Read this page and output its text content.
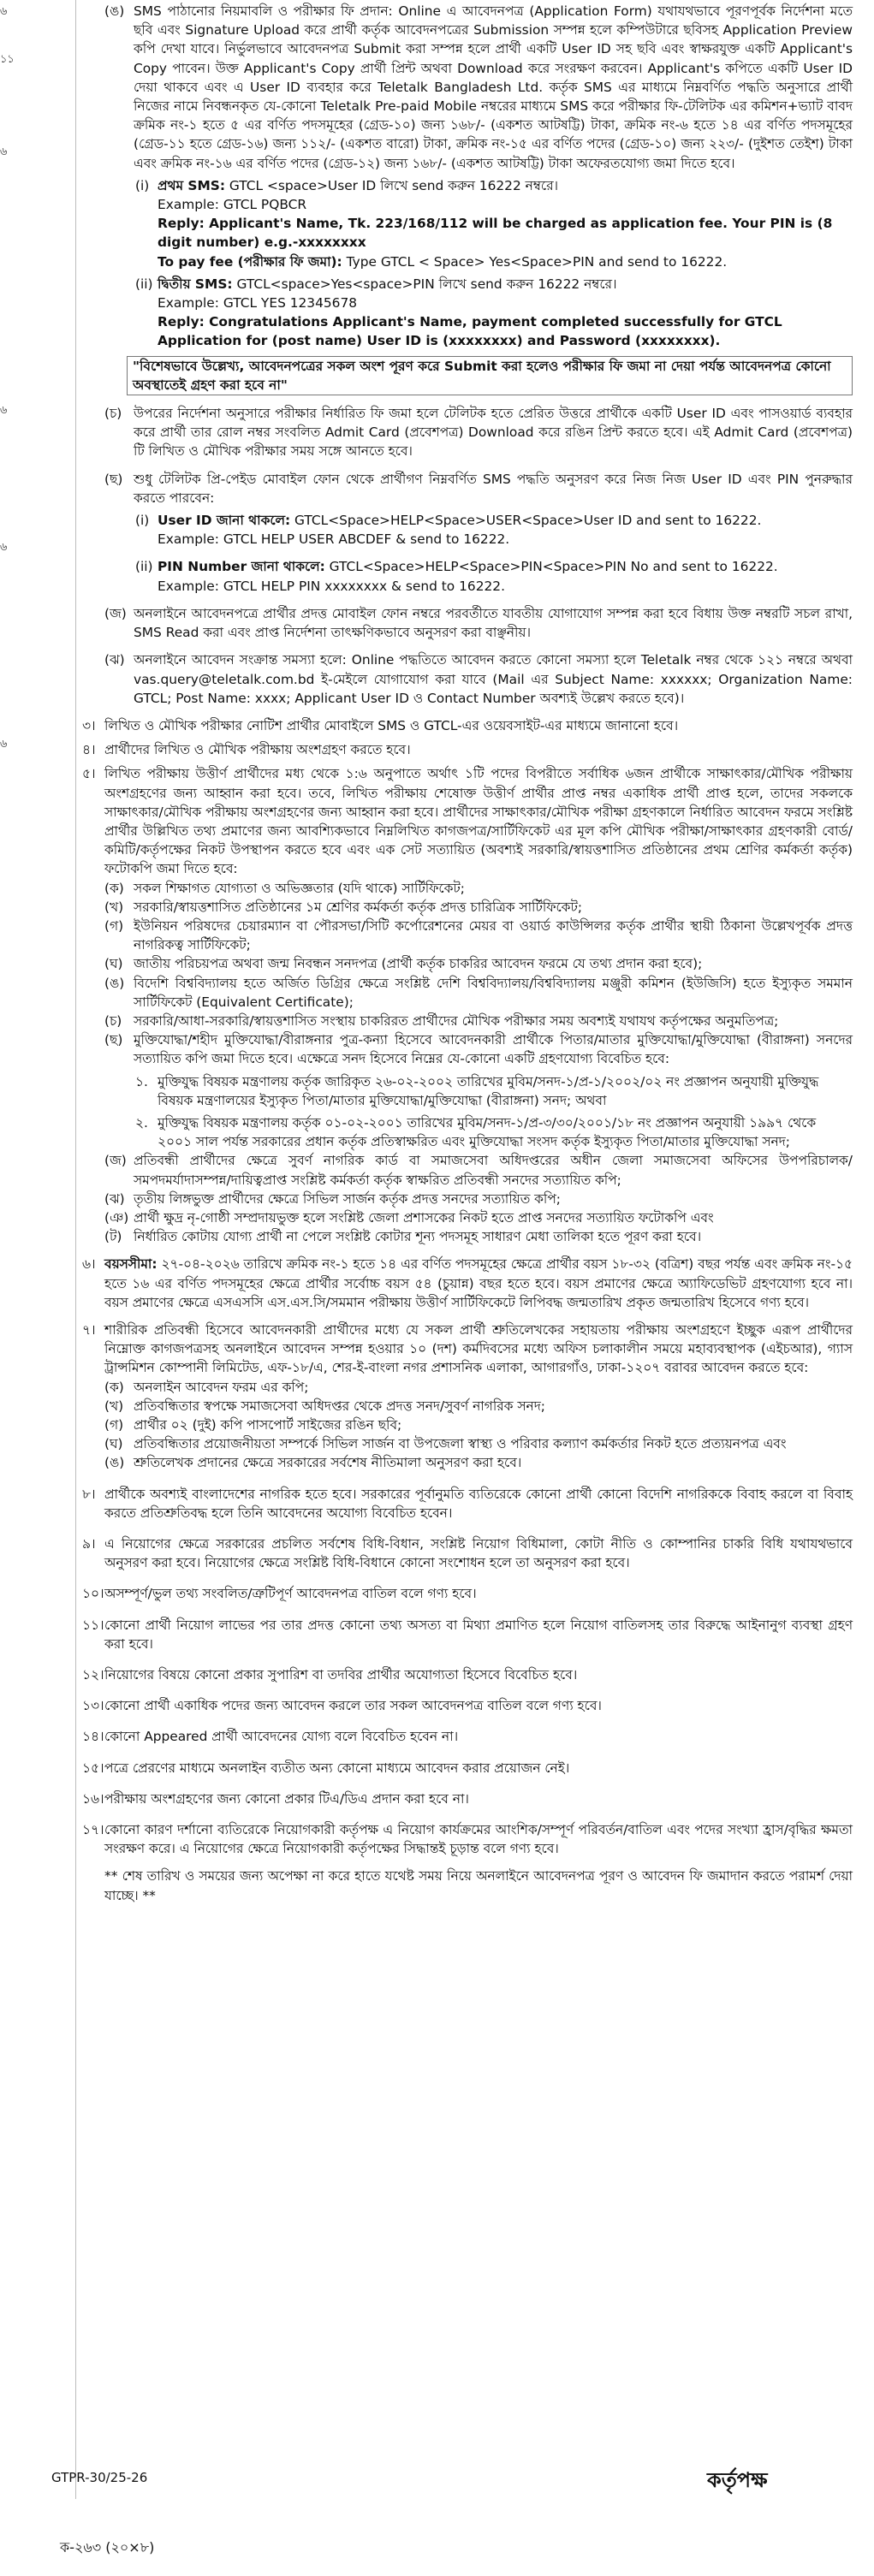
৬
১১
৬
৬
৬
৬
(ঙ) SMS পাঠানোর নিয়মাবলি ও পরীক্ষার ফি প্রদান: Online এ আবেদনপত্র (Application Form) যথাযথভাবে পূরণপূর্বক নির্দেশনা মতে ছবি এবং Signature Upload করে প্রার্থী কর্তৃক আবেদনপত্রের Submission সম্পন্ন হলে কম্পিউটারে ছবিসহ Application Preview কপি দেখা যাবে। নির্ভুলভাবে আবেদনপত্র Submit করা সম্পন্ন হলে প্রার্থী একটি User ID সহ ছবি এবং স্বাক্ষরযুক্ত একটি Applicant's Copy পাবেন। উক্ত Applicant's Copy প্রার্থী প্রিন্ট অথবা Download করে সংরক্ষণ করবেন। Applicant's কপিতে একটি User ID দেয়া থাকবে এবং এ User ID ব্যবহার করে Teletalk Bangladesh Ltd. কর্তৃক SMS এর মাধ্যমে নিম্নবর্ণিত পদ্ধতি অনুসারে প্রার্থী নিজের নামে নিবন্ধনকৃত যে-কোনো Teletalk Pre-paid Mobile নম্বরের মাধ্যমে SMS করে পরীক্ষার ফি-টেলিটক এর কমিশন+ভ্যাট বাবদ ক্রমিক নং-১ হতে ৫ এর বর্ণিত পদসমূহের (গ্রেড-১০) জন্য ১৬৮/- (একশত আটষট্টি) টাকা, ক্রমিক নং-৬ হতে ১৪ এর বর্ণিত পদসমূহের (গ্রেড-১১ হতে গ্রেড-১৬) জন্য ১১২/- (একশত বারো) টাকা, ক্রমিক নং-১৫ এর বর্ণিত পদের (গ্রেড-১০) জন্য ২২৩/- (দুইশত তেইশ) টাকা এবং ক্রমিক নং-১৬ এর বর্ণিত পদের (গ্রেড-১২) জন্য ১৬৮/- (একশত আটষট্টি) টাকা অফেরতযোগ্য জমা দিতে হবে।
(i) প্রথম SMS: GTCL <space>User ID লিখে send করুন 16222 নম্বরে।
Example: GTCL PQBCR
Reply: Applicant's Name, Tk. 223/168/112 will be charged as application fee. Your PIN is (8 digit number) e.g.-xxxxxxxx
To pay fee (পরীক্ষার ফি জমা): Type GTCL < Space> Yes<Space>PIN and send to 16222.
(ii) দ্বিতীয় SMS: GTCL<space>Yes<space>PIN লিখে send করুন 16222 নম্বরে।
Example: GTCL YES 12345678
Reply: Congratulations Applicant's Name, payment completed successfully for GTCL Application for (post name) User ID is (xxxxxxxx) and Password (xxxxxxxx).
"বিশেষভাবে উল্লেখ্য, আবেদনপত্রের সকল অংশ পূরণ করে Submit করা হলেও পরীক্ষার ফি জমা না দেয়া পর্যন্ত আবেদনপত্র কোনো অবস্থাতেই গ্রহণ করা হবে না"
(চ) উপরের নির্দেশনা অনুসারে পরীক্ষার নির্ধারিত ফি জমা হলে টেলিটক হতে প্রেরিত উত্তরে প্রার্থীকে একটি User ID এবং পাসওয়ার্ড ব্যবহার করে প্রার্থী তার রোল নম্বর সংবলিত Admit Card (প্রবেশপত্র) Download করে রঙিন প্রিন্ট করতে হবে। এই Admit Card (প্রবেশপত্র) টি লিখিত ও মৌখিক পরীক্ষার সময় সঙ্গে আনতে হবে।
(ছ) শুধু টেলিটক প্রি-পেইড মোবাইল ফোন থেকে প্রার্থীগণ নিম্নবর্ণিত SMS পদ্ধতি অনুসরণ করে নিজ নিজ User ID এবং PIN পুনরুদ্ধার করতে পারবেন:
(i) User ID জানা থাকলে: GTCL<Space>HELP<Space>USER<Space>User ID and sent to 16222.
Example: GTCL HELP USER ABCDEF & send to 16222.
(ii) PIN Number জানা থাকলে: GTCL<Space>HELP<Space>PIN<Space>PIN No and sent to 16222.
Example: GTCL HELP PIN xxxxxxxx & send to 16222.
(জ) অনলাইনে আবেদনপত্রে প্রার্থীর প্রদত্ত মোবাইল ফোন নম্বরে পরবর্তীতে যাবতীয় যোগাযোগ সম্পন্ন করা হবে বিধায় উক্ত নম্বরটি সচল রাখা, SMS Read করা এবং প্রাপ্ত নির্দেশনা তাৎক্ষণিকভাবে অনুসরণ করা বাঞ্ছনীয়।
(ঝ) অনলাইনে আবেদন সংক্রান্ত সমস্যা হলে: Online পদ্ধতিতে আবেদন করতে কোনো সমস্যা হলে Teletalk নম্বর থেকে ১২১ নম্বরে অথবা vas.query@teletalk.com.bd ই-মেইলে যোগাযোগ করা যাবে (Mail এর Subject Name: xxxxxx; Organization Name: GTCL; Post Name: xxxx; Applicant User ID ও Contact Number অবশ্যই উল্লেখ করতে হবে)।
৩। লিখিত ও মৌখিক পরীক্ষার নোটিশ প্রার্থীর মোবাইলে SMS ও GTCL-এর ওয়েবসাইট-এর মাধ্যমে জানানো হবে।
৪। প্রার্থীদের লিখিত ও মৌখিক পরীক্ষায় অংশগ্রহণ করতে হবে।
৫। লিখিত পরীক্ষায় উত্তীর্ণ প্রার্থীদের মধ্য থেকে ১:৬ অনুপাতে অর্থাৎ ১টি পদের বিপরীতে সর্বাধিক ৬জন প্রার্থীকে সাক্ষাৎকার/মৌখিক পরীক্ষায় অংশগ্রহণের জন্য আহ্বান করা হবে। তবে, লিখিত পরীক্ষায় শেষোক্ত উত্তীর্ণ প্রার্থীর প্রাপ্ত নম্বর একাধিক প্রার্থী প্রাপ্ত হলে, তাদের সকলকে সাক্ষাৎকার/মৌখিক পরীক্ষায় অংশগ্রহণের জন্য আহ্বান করা হবে। প্রার্থীদের সাক্ষাৎকার/মৌখিক পরীক্ষা গ্রহণকালে নির্ধারিত আবেদন ফরমে সংশ্লিষ্ট প্রার্থীর উল্লিখিত তথ্য প্রমাণের জন্য আবশ্যিকভাবে নিম্নলিখিত কাগজপত্র/সার্টিফিকেট এর মূল কপি মৌখিক পরীক্ষা/সাক্ষাৎকার গ্রহণকারী বোর্ড/কমিটি/কর্তৃপক্ষের নিকট উপস্থাপন করতে হবে এবং এক সেট সত্যায়িত (অবশ্যই সরকারি/স্বায়ত্তশাসিত প্রতিষ্ঠানের প্রথম শ্রেণির কর্মকর্তা কর্তৃক) ফটোকপি জমা দিতে হবে:
(ক) সকল শিক্ষাগত যোগ্যতা ও অভিজ্ঞতার (যদি থাকে) সার্টিফিকেট;
(খ) সরকারি/স্বায়ত্তশাসিত প্রতিষ্ঠানের ১ম শ্রেণির কর্মকর্তা কর্তৃক প্রদত্ত চারিত্রিক সার্টিফিকেট;
(গ) ইউনিয়ন পরিষদের চেয়ারম্যান বা পৌরসভা/সিটি কর্পোরেশনের মেয়র বা ওয়ার্ড কাউন্সিলর কর্তৃক প্রার্থীর স্থায়ী ঠিকানা উল্লেখপূর্বক প্রদত্ত নাগরিকত্ব সার্টিফিকেট;
(ঘ) জাতীয় পরিচয়পত্র অথবা জন্ম নিবন্ধন সনদপত্র (প্রার্থী কর্তৃক চাকরির আবেদন ফরমে যে তথ্য প্রদান করা হবে);
(ঙ) বিদেশি বিশ্ববিদ্যালয় হতে অর্জিত ডিগ্রির ক্ষেত্রে সংশ্লিষ্ট দেশি বিশ্ববিদ্যালয়/বিশ্ববিদ্যালয় মঞ্জুরী কমিশন (ইউজিসি) হতে ইস্যুকৃত সমমান সার্টিফিকেট (Equivalent Certificate);
(চ) সরকারি/আধা-সরকারি/স্বায়ত্তশাসিত সংস্থায় চাকরিরত প্রার্থীদের মৌখিক পরীক্ষার সময় অবশ্যই যথাযথ কর্তৃপক্ষের অনুমতিপত্র;
(ছ) মুক্তিযোদ্ধা/শহীদ মুক্তিযোদ্ধা/বীরাঙ্গনার পুত্র-কন্যা হিসেবে আবেদনকারী প্রার্থীকে পিতার/মাতার মুক্তিযোদ্ধা/মুক্তিযোদ্ধা (বীরাঙ্গনা) সনদের সত্যায়িত কপি জমা দিতে হবে। এক্ষেত্রে সনদ হিসেবে নিম্নের যে-কোনো একটি গ্রহণযোগ্য বিবেচিত হবে:
১. মুক্তিযুদ্ধ বিষয়ক মন্ত্রণালয় কর্তৃক জারিকৃত ২৬-০২-২০০২ তারিখের মুবিম/সনদ-১/প্র-১/২০০২/০২ নং প্রজ্ঞাপন অনুযায়ী মুক্তিযুদ্ধ বিষয়ক মন্ত্রণালয়ের ইস্যুকৃত পিতা/মাতার মুক্তিযোদ্ধা/মুক্তিযোদ্ধা (বীরাঙ্গনা) সনদ; অথবা
২. মুক্তিযুদ্ধ বিষয়ক মন্ত্রণালয় কর্তৃক ০১-০২-২০০১ তারিখের মুবিম/সনদ-১/প্র-৩/৩০/২০০১/১৮ নং প্রজ্ঞাপন অনুযায়ী ১৯৯৭ থেকে ২০০১ সাল পর্যন্ত সরকারের প্রধান কর্তৃক প্রতিস্বাক্ষরিত এবং মুক্তিযোদ্ধা সংসদ কর্তৃক ইস্যুকৃত পিতা/মাতার মুক্তিযোদ্ধা সনদ;
(জ) প্রতিবন্ধী প্রার্থীদের ক্ষেত্রে সুবর্ণ নাগরিক কার্ড বা সমাজসেবা অধিদপ্তরের অধীন জেলা সমাজসেবা অফিসের উপপরিচালক/সমপদমর্যাদাসম্পন্ন/দায়িত্বপ্রাপ্ত সংশ্লিষ্ট কর্মকর্তা কর্তৃক স্বাক্ষরিত প্রতিবন্ধী সনদের সত্যায়িত কপি;
(ঝ) তৃতীয় লিঙ্গভুক্ত প্রার্থীদের ক্ষেত্রে সিভিল সার্জন কর্তৃক প্রদত্ত সনদের সত্যায়িত কপি;
(ঞ) প্রার্থী ক্ষুদ্র নৃ-গোষ্ঠী সম্প্রদায়ভুক্ত হলে সংশ্লিষ্ট জেলা প্রশাসকের নিকট হতে প্রাপ্ত সনদের সত্যায়িত ফটোকপি এবং
(ট) নির্ধারিত কোটায় যোগ্য প্রার্থী না পেলে সংশ্লিষ্ট কোটার শূন্য পদসমূহ সাধারণ মেধা তালিকা হতে পূরণ করা হবে।
৬। বয়সসীমা: ২৭-০৪-২০২৬ তারিখে ক্রমিক নং-১ হতে ১৪ এর বর্ণিত পদসমূহের ক্ষেত্রে প্রার্থীর বয়স ১৮-৩২ (বত্রিশ) বছর পর্যন্ত এবং ক্রমিক নং-১৫ হতে ১৬ এর বর্ণিত পদসমূহের ক্ষেত্রে প্রার্থীর সর্বোচ্চ বয়স ৫৪ (চুয়ান্ন) বছর হতে হবে। বয়স প্রমাণের ক্ষেত্রে অ্যাফিডেভিট গ্রহণযোগ্য হবে না। বয়স প্রমাণের ক্ষেত্রে এসএসসি এস.এস.সি/সমমান পরীক্ষায় উত্তীর্ণ সার্টিফিকেটে লিপিবদ্ধ জন্মতারিখ প্রকৃত জন্মতারিখ হিসেবে গণ্য হবে।
৭। শারীরিক প্রতিবন্ধী হিসেবে আবেদনকারী প্রার্থীদের মধ্যে যে সকল প্রার্থী শ্রুতিলেখকের সহায়তায় পরীক্ষায় অংশগ্রহণে ইচ্ছুক এরূপ প্রার্থীদের নিম্নোক্ত কাগজপত্রসহ অনলাইনে আবেদন সম্পন্ন হওয়ার ১০ (দশ) কর্মদিবসের মধ্যে অফিস চলাকালীন সময়ে মহাব্যবস্থাপক (এইচআর), গ্যাস ট্রান্সমিশন কোম্পানী লিমিটেড, এফ-১৮/এ, শের-ই-বাংলা নগর প্রশাসনিক এলাকা, আগারগাঁও, ঢাকা-১২০৭ বরাবর আবেদন করতে হবে:
(ক) অনলাইন আবেদন ফরম এর কপি;
(খ) প্রতিবন্ধিতার স্বপক্ষে সমাজসেবা অধিদপ্তর থেকে প্রদত্ত সনদ/সুবর্ণ নাগরিক সনদ;
(গ) প্রার্থীর ০২ (দুই) কপি পাসপোর্ট সাইজের রঙিন ছবি;
(ঘ) প্রতিবন্ধিতার প্রয়োজনীয়তা সম্পর্কে সিভিল সার্জন বা উপজেলা স্বাস্থ্য ও পরিবার কল্যাণ কর্মকর্তার নিকট হতে প্রত্যয়নপত্র এবং
(ঙ) শ্রুতিলেখক প্রদানের ক্ষেত্রে সরকারের সর্বশেষ নীতিমালা অনুসরণ করা হবে।
৮। প্রার্থীকে অবশ্যই বাংলাদেশের নাগরিক হতে হবে। সরকারের পূর্বানুমতি ব্যতিরেকে কোনো প্রার্থী কোনো বিদেশি নাগরিককে বিবাহ করলে বা বিবাহ করতে প্রতিশ্রুতিবদ্ধ হলে তিনি আবেদনের অযোগ্য বিবেচিত হবেন।
৯। এ নিয়োগের ক্ষেত্রে সরকারের প্রচলিত সর্বশেষ বিধি-বিধান, সংশ্লিষ্ট নিয়োগ বিধিমালা, কোটা নীতি ও কোম্পানির চাকরি বিধি যথাযথভাবে অনুসরণ করা হবে। নিয়োগের ক্ষেত্রে সংশ্লিষ্ট বিধি-বিধানে কোনো সংশোধন হলে তা অনুসরণ করা হবে।
১০। অসম্পূর্ণ/ভুল তথ্য সংবলিত/ত্রুটিপূর্ণ আবেদনপত্র বাতিল বলে গণ্য হবে।
১১। কোনো প্রার্থী নিয়োগ লাভের পর তার প্রদত্ত কোনো তথ্য অসত্য বা মিথ্যা প্রমাণিত হলে নিয়োগ বাতিলসহ তার বিরুদ্ধে আইনানুগ ব্যবস্থা গ্রহণ করা হবে।
১২। নিয়োগের বিষয়ে কোনো প্রকার সুপারিশ বা তদবির প্রার্থীর অযোগ্যতা হিসেবে বিবেচিত হবে।
১৩। কোনো প্রার্থী একাধিক পদের জন্য আবেদন করলে তার সকল আবেদনপত্র বাতিল বলে গণ্য হবে।
১৪। কোনো Appeared প্রার্থী আবেদনের যোগ্য বলে বিবেচিত হবেন না।
১৫। পত্রে প্রেরণের মাধ্যমে অনলাইন ব্যতীত অন্য কোনো মাধ্যমে আবেদন করার প্রয়োজন নেই।
১৬। পরীক্ষায় অংশগ্রহণের জন্য কোনো প্রকার টিএ/ডিএ প্রদান করা হবে না।
১৭। কোনো কারণ দর্শানো ব্যতিরেকে নিয়োগকারী কর্তৃপক্ষ এ নিয়োগ কার্যক্রমের আংশিক/সম্পূর্ণ পরিবর্তন/বাতিল এবং পদের সংখ্যা হ্রাস/বৃদ্ধির ক্ষমতা সংরক্ষণ করে। এ নিয়োগের ক্ষেত্রে নিয়োগকারী কর্তৃপক্ষের সিদ্ধান্তই চূড়ান্ত বলে গণ্য হবে।
** শেষ তারিখ ও সময়ের জন্য অপেক্ষা না করে হাতে যথেষ্ট সময় নিয়ে অনলাইনে আবেদনপত্র পূরণ ও আবেদন ফি জমাদান করতে পরামর্শ দেয়া যাচ্ছে। **
GTPR-30/25-26	কর্তৃপক্ষ
ক-২৬৩ (২০×৮)
